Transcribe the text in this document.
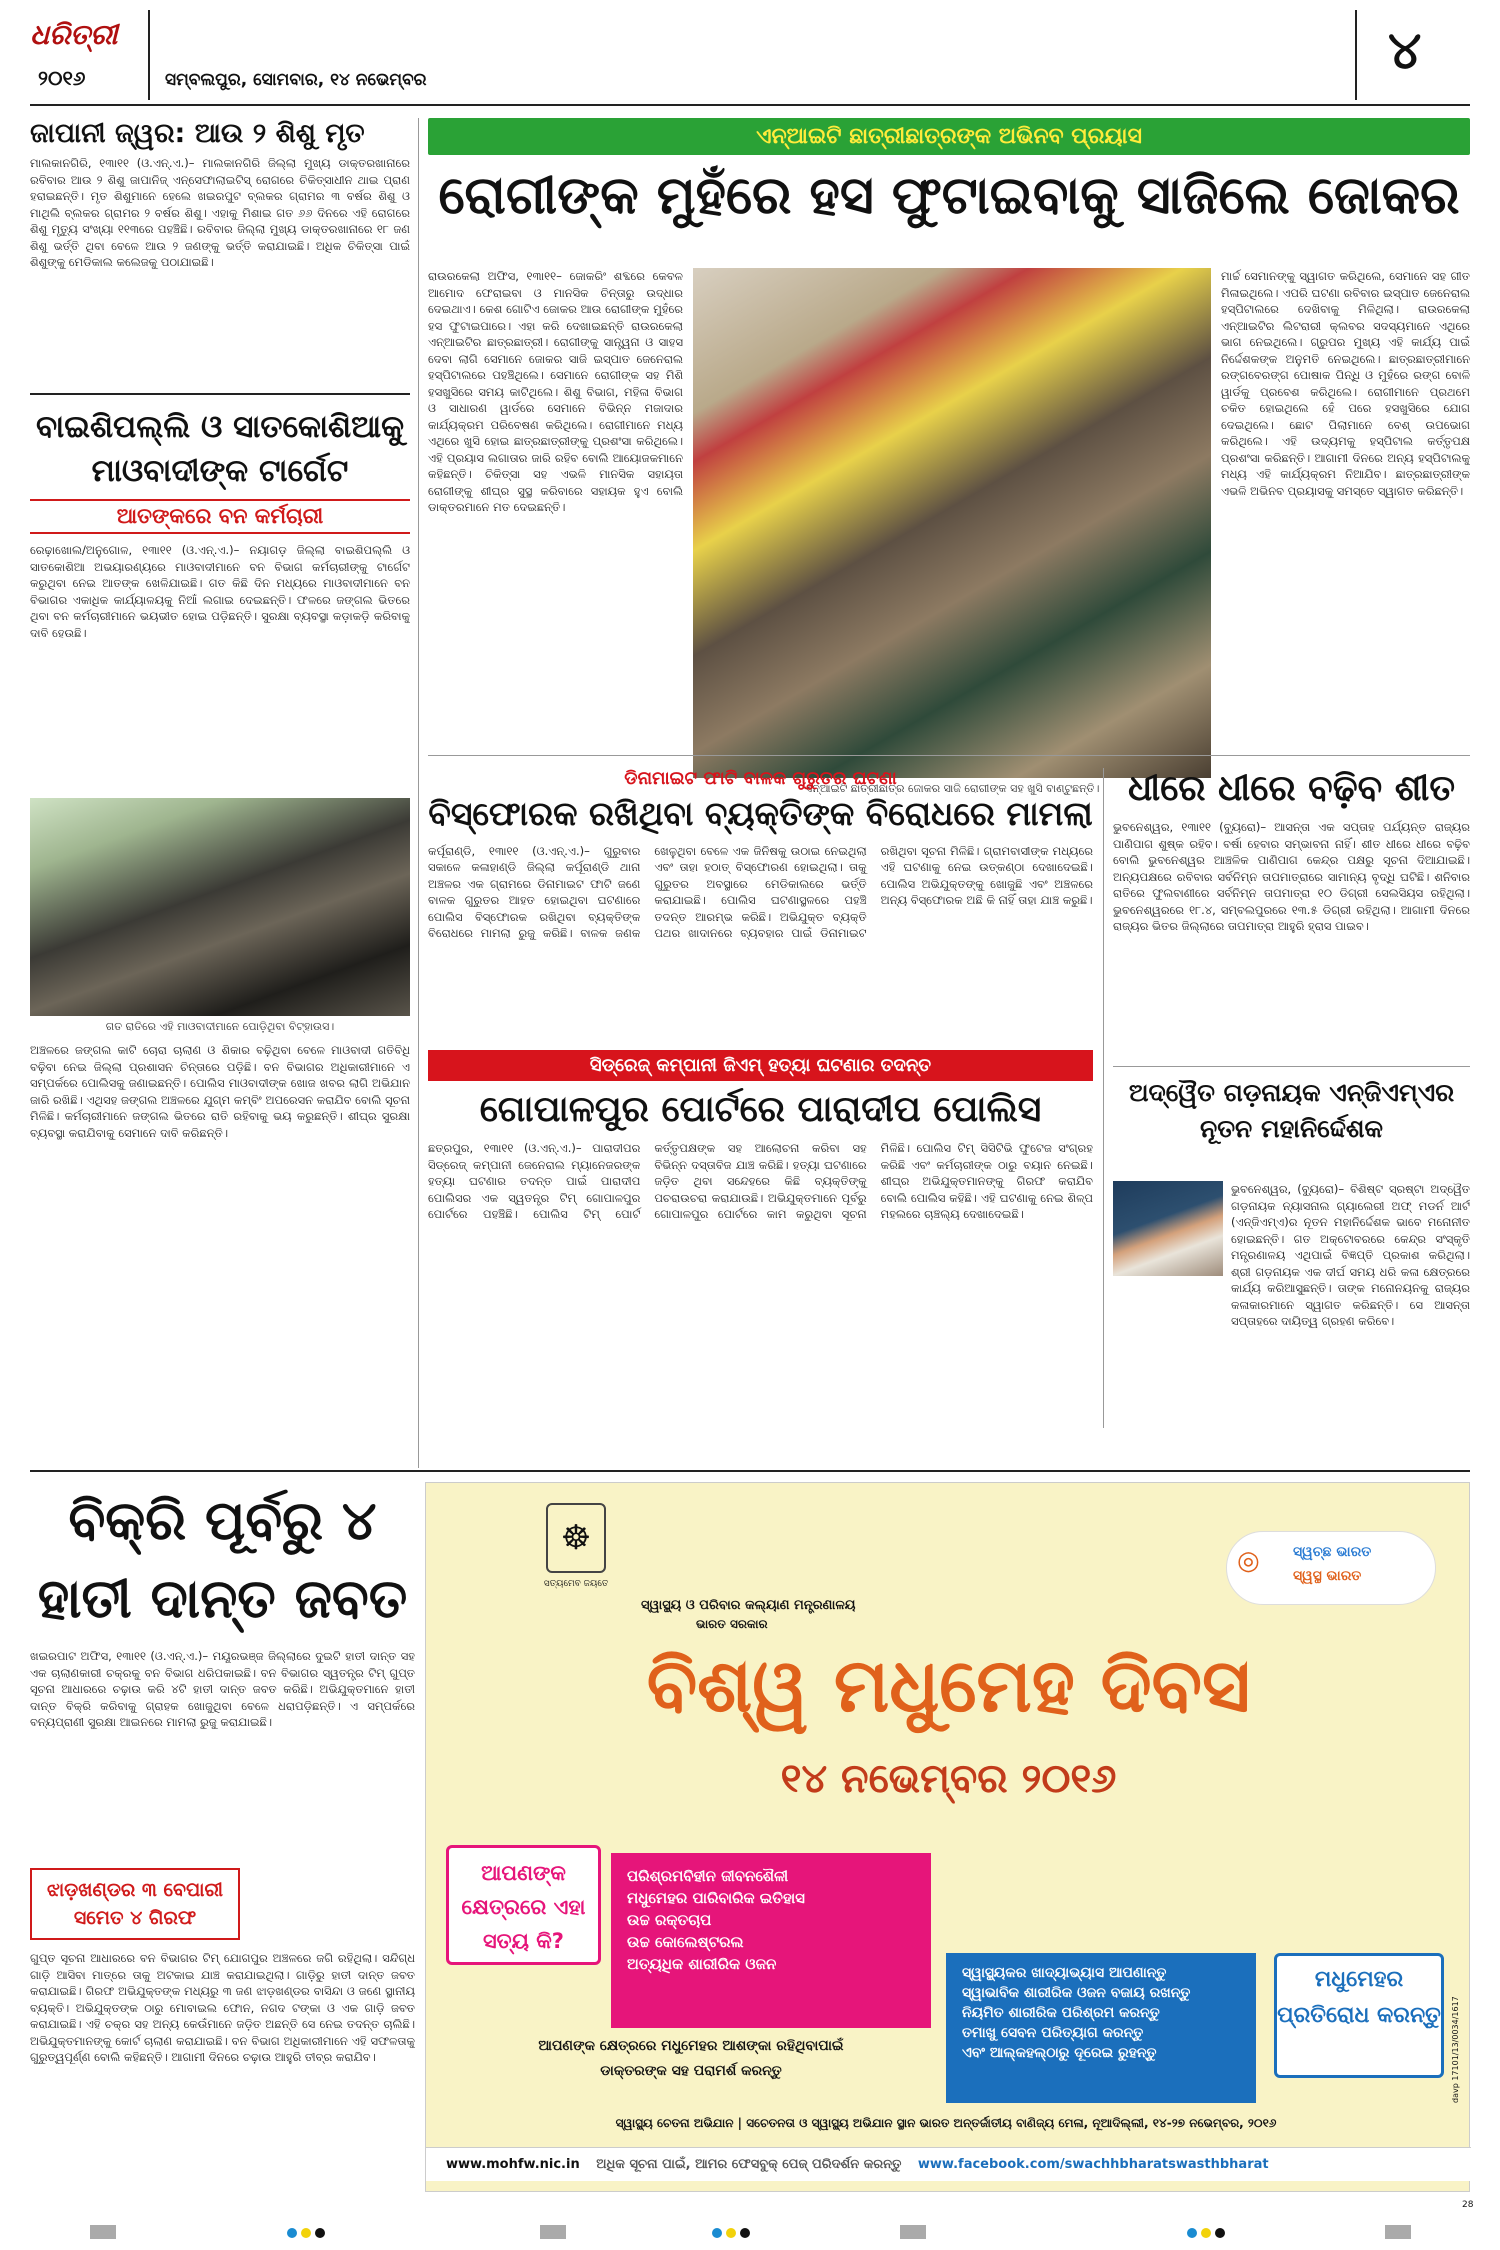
ଧରିତ୍ରୀ
୨୦୧୬	ସମ୍ବଲପୁର, ସୋମବାର, ୧୪ ନଭେମ୍ବର	୪
ଜାପାନୀ ଜ୍ୱର: ଆଉ ୨ ଶିଶୁ ମୃତ
ମାଲକାନଗିରି, ୧୩ା୧୧ (ଓ.ଏନ୍.ଏ.)– ମାଲକାନଗିରି ଜିଲ୍ଲା ମୁଖ୍ୟ ଡାକ୍ତରଖାନାରେ ରବିବାର ଆଉ ୨ ଶିଶୁ ଜାପାନିଜ୍ ଏନ୍‌ସେଫାଲାଇଟିସ୍ ରୋଗରେ ଚିକିତ୍ସାଧୀନ ଥାଇ ପ୍ରାଣ ହରାଇଛନ୍ତି। ମୃତ ଶିଶୁମାନେ ହେଲେ ଖଇରପୁଟ ବ୍ଲକର ଗ୍ରାମର ୩ ବର୍ଷର ଶିଶୁ ଓ ମାଥିଲି ବ୍ଲକର ଗ୍ରାମର ୨ ବର୍ଷର ଶିଶୁ। ଏହାକୁ ମିଶାଇ ଗତ ୬୬ ଦିନରେ ଏହି ରୋଗରେ ଶିଶୁ ମୃତ୍ୟୁ ସଂଖ୍ୟା ୧୧୩ରେ ପହଞ୍ଚିଛି। ରବିବାର ଜିଲ୍ଲା ମୁଖ୍ୟ ଡାକ୍ତରଖାନାରେ ୧୮ ଜଣ ଶିଶୁ ଭର୍ତ୍ତି ଥିବା ବେଳେ ଆଉ ୨ ଜଣଙ୍କୁ ଭର୍ତ୍ତି କରାଯାଇଛି। ଅଧିକ ଚିକିତ୍ସା ପାଇଁ ଶିଶୁଙ୍କୁ ମେଡିକାଲ କଲେଜକୁ ପଠାଯାଇଛି।
ବାଇଶିପଲ୍ଲି ଓ ସାତକୋଶିଆକୁ ମାଓବାଦୀଙ୍କ ଟାର୍ଗେଟ
ଆତଙ୍କରେ ବନ କର୍ମଚାରୀ
ରେଢ଼ାଖୋଲ/ଅନୁଗୋଳ, ୧୩ା୧୧ (ଓ.ଏନ୍.ଏ.)– ନୟାଗଡ଼ ଜିଲ୍ଲା ବାଇଶିପଲ୍ଲି ଓ ସାତକୋଶିଆ ଅଭୟାରଣ୍ୟରେ ମାଓବାଦୀମାନେ ବନ ବିଭାଗ କର୍ମଚାରୀଙ୍କୁ ଟାର୍ଗେଟ କରୁଥିବା ନେଇ ଆତଙ୍କ ଖେଳିଯାଇଛି। ଗତ କିଛି ଦିନ ମଧ୍ୟରେ ମାଓବାଦୀମାନେ ବନ ବିଭାଗର ଏକାଧିକ କାର୍ଯ୍ୟାଳୟକୁ ନିଆଁ ଲଗାଇ ଦେଇଛନ୍ତି। ଫଳରେ ଜଙ୍ଗଲ ଭିତରେ ଥିବା ବନ କର୍ମଚାରୀମାନେ ଭୟଭୀତ ହୋଇ ପଡ଼ିଛନ୍ତି। ସୁରକ୍ଷା ବ୍ୟବସ୍ଥା କଡ଼ାକଡ଼ି କରିବାକୁ ଦାବି ହେଉଛି।
ଗତ ରାତିରେ ଏହି ମାଓବାଦୀମାନେ ପୋଡ଼ିଥିବା ବିଟ୍‌ହାଉସ।
ଅଞ୍ଚଳରେ ଜଙ୍ଗଲ କାଟି ଚୋରା ଚାଲାଣ ଓ ଶିକାର ବଢ଼ିଥିବା ବେଳେ ମାଓବାଦୀ ଗତିବିଧି ବଢ଼ିବା ନେଇ ଜିଲ୍ଲା ପ୍ରଶାସନ ଚିନ୍ତାରେ ପଡ଼ିଛି। ବନ ବିଭାଗର ଅଧିକାରୀମାନେ ଏ ସମ୍ପର୍କରେ ପୋଲିସକୁ ଜଣାଇଛନ୍ତି। ପୋଲିସ ମାଓବାଦୀଙ୍କ ଖୋଜ ଖବର ଲାଗି ଅଭିଯାନ ଜାରି ରଖିଛି। ଏଥିସହ ଜଙ୍ଗଲ ଅଞ୍ଚଳରେ ଯୁଗ୍ମ କମ୍ବିଂ ଅପରେସନ କରାଯିବ ବୋଲି ସୂଚନା ମିଳିଛି। କର୍ମଚାରୀମାନେ ଜଙ୍ଗଲ ଭିତରେ ରାତି ରହିବାକୁ ଭୟ କରୁଛନ୍ତି। ଶୀଘ୍ର ସୁରକ୍ଷା ବ୍ୟବସ୍ଥା କରାଯିବାକୁ ସେମାନେ ଦାବି କରିଛନ୍ତି।
ଏନ୍‌ଆଇଟି ଛାତ୍ରୀଛାତ୍ରଙ୍କ ଅଭିନବ ପ୍ରୟାସ
ରୋଗୀଙ୍କ ମୁହଁରେ ହସ ଫୁଟାଇବାକୁ ସାଜିଲେ ଜୋକର
ରାଉରକେଲା ଅଫିସ, ୧୩ା୧୧– ଜୋକରିଂ ଶବ୍ଦରେ କେବଳ ଆମୋଦ ଫେରାଇବା ଓ ମାନସିକ ଚିନ୍ତାରୁ ଉଦ୍ଧାର ଦେଇଥାଏ। କେଶ ଗୋଟିଏ ଜୋକର ଆଉ ରୋଗୀଙ୍କ ମୁହଁରେ ହସ ଫୁଟାଇପାରେ। ଏହା କରି ଦେଖାଇଛନ୍ତି ରାଉରକେଲା ଏନ୍‌ଆଇଟିର ଛାତ୍ରଛାତ୍ରୀ। ରୋଗୀଙ୍କୁ ସାନ୍ତ୍ୱନା ଓ ସାହସ ଦେବା ଲାଗି ସେମାନେ ଜୋକର ସାଜି ଇସ୍ପାତ ଜେନେରାଲ ହସ୍ପିଟାଲରେ ପହଞ୍ଚିଥିଲେ। ସେମାନେ ରୋଗୀଙ୍କ ସହ ମିଶି ହସଖୁସିରେ ସମୟ କାଟିଥିଲେ। ଶିଶୁ ବିଭାଗ, ମହିଳା ବିଭାଗ ଓ ସାଧାରଣ ୱାର୍ଡରେ ସେମାନେ ବିଭିନ୍ନ ମଜାଦାର କାର୍ଯ୍ୟକ୍ରମ ପରିବେଷଣ କରିଥିଲେ। ରୋଗୀମାନେ ମଧ୍ୟ ଏଥିରେ ଖୁସି ହୋଇ ଛାତ୍ରଛାତ୍ରୀଙ୍କୁ ପ୍ରଶଂସା କରିଥିଲେ। ଏହି ପ୍ରୟାସ ଲଗାତାର ଜାରି ରହିବ ବୋଲି ଆୟୋଜକମାନେ କହିଛନ୍ତି। ଚିକିତ୍ସା ସହ ଏଭଳି ମାନସିକ ସହାୟତା ରୋଗୀଙ୍କୁ ଶୀଘ୍ର ସୁସ୍ଥ କରିବାରେ ସହାୟକ ହୁଏ ବୋଲି ଡାକ୍ତରମାନେ ମତ ଦେଇଛନ୍ତି।
ଏନ୍‌ଆଇଟି ଛାତ୍ରୀଛାତ୍ର ଜୋକର ସାଜି ରୋଗୀଙ୍କ ସହ ଖୁସି ବାଣ୍ଟୁଛନ୍ତି।
ମାର୍ଚ୍ଚ ସେମାନଙ୍କୁ ସ୍ୱାଗତ କରିଥିଲେ, ସେମାନେ ସହ ଗୀତ ମିଳାଇଥିଲେ। ଏପରି ଘଟଣା ରବିବାର ଇସ୍ପାତ ଜେନେରାଲ ହସ୍ପିଟାଲରେ ଦେଖିବାକୁ ମିଳିଥିଲା। ରାଉରକେଲା ଏନ୍‌ଆଇଟିର ଲିଟରାରୀ କ୍ଲବର ସଦସ୍ୟମାନେ ଏଥିରେ ଭାଗ ନେଇଥିଲେ। ଗ୍ରୁପର ମୁଖ୍ୟ ଏହି କାର୍ଯ୍ୟ ପାଇଁ ନିର୍ଦ୍ଦେଶକଙ୍କ ଅନୁମତି ନେଇଥିଲେ। ଛାତ୍ରଛାତ୍ରୀମାନେ ରଙ୍ଗବେରଙ୍ଗ ପୋଷାକ ପିନ୍ଧି ଓ ମୁହଁରେ ରଙ୍ଗ ବୋଳି ୱାର୍ଡକୁ ପ୍ରବେଶ କରିଥିଲେ। ରୋଗୀମାନେ ପ୍ରଥମେ ଚକିତ ହୋଇଥିଲେ ହେଁ ପରେ ହସଖୁସିରେ ଯୋଗ ଦେଇଥିଲେ। ଛୋଟ ପିଲାମାନେ ବେଶ୍ ଉପଭୋଗ କରିଥିଲେ। ଏହି ଉଦ୍ୟମକୁ ହସ୍ପିଟାଲ କର୍ତ୍ତୃପକ୍ଷ ପ୍ରଶଂସା କରିଛନ୍ତି। ଆଗାମୀ ଦିନରେ ଅନ୍ୟ ହସ୍ପିଟାଲକୁ ମଧ୍ୟ ଏହି କାର୍ଯ୍ୟକ୍ରମ ନିଆଯିବ। ଛାତ୍ରଛାତ୍ରୀଙ୍କ ଏଭଳି ଅଭିନବ ପ୍ରୟାସକୁ ସମସ୍ତେ ସ୍ୱାଗତ କରିଛନ୍ତି।
ଡିନାମାଇଟ ଫାଟି ବାଳକ ଗୁରୁତର ଘଟଣା
ବିସ୍ଫୋରକ ରଖିଥିବା ବ୍ୟକ୍ତିଙ୍କ ବିରୋଧରେ ମାମଲା
କର୍ପୂରାଣ୍ଡି, ୧୩ା୧୧ (ଓ.ଏନ୍.ଏ.)– ଗୁରୁବାର ସକାଳେ କଳାହାଣ୍ଡି ଜିଲ୍ଲା କର୍ପୂରାଣ୍ଡି ଥାନା ଅଞ୍ଚଳର ଏକ ଗ୍ରାମରେ ଡିନାମାଇଟ ଫାଟି ଜଣେ ବାଳକ ଗୁରୁତର ଆହତ ହୋଇଥିବା ଘଟଣାରେ ପୋଲିସ ବିସ୍ଫୋରକ ରଖିଥିବା ବ୍ୟକ୍ତିଙ୍କ ବିରୋଧରେ ମାମଲା ରୁଜୁ କରିଛି। ବାଳକ ଜଣକ ଖେଳୁଥିବା ବେଳେ ଏକ ଜିନିଷକୁ ଉଠାଇ ନେଇଥିଲା ଏବଂ ତାହା ହଠାତ୍ ବିସ୍ଫୋରଣ ହୋଇଥିଲା। ତାକୁ ଗୁରୁତର ଅବସ୍ଥାରେ ମେଡିକାଲରେ ଭର୍ତ୍ତି କରାଯାଇଛି। ପୋଲିସ ଘଟଣାସ୍ଥଳରେ ପହଞ୍ଚି ତଦନ୍ତ ଆରମ୍ଭ କରିଛି। ଅଭିଯୁକ୍ତ ବ୍ୟକ୍ତି ପଥର ଖାଦାନରେ ବ୍ୟବହାର ପାଇଁ ଡିନାମାଇଟ ରଖିଥିବା ସୂଚନା ମିଳିଛି। ଗ୍ରାମବାସୀଙ୍କ ମଧ୍ୟରେ ଏହି ଘଟଣାକୁ ନେଇ ଉତ୍କଣ୍ଠା ଦେଖାଦେଇଛି। ପୋଲିସ ଅଭିଯୁକ୍ତଙ୍କୁ ଖୋଜୁଛି ଏବଂ ଅଞ୍ଚଳରେ ଅନ୍ୟ ବିସ୍ଫୋରକ ଅଛି କି ନାହିଁ ତାହା ଯାଞ୍ଚ କରୁଛି।
ଧୀରେ ଧୀରେ ବଢ଼ିବ ଶୀତ
ଭୁବନେଶ୍ୱର, ୧୩ା୧୧ (ବ୍ୟୁରୋ)– ଆସନ୍ତା ଏକ ସପ୍ତାହ ପର୍ଯ୍ୟନ୍ତ ରାଜ୍ୟର ପାଣିପାଗ ଶୁଷ୍କ ରହିବ। ବର୍ଷା ହେବାର ସମ୍ଭାବନା ନାହିଁ। ଶୀତ ଧୀରେ ଧୀରେ ବଢ଼ିବ ବୋଲି ଭୁବନେଶ୍ୱର ଆଞ୍ଚଳିକ ପାଣିପାଗ କେନ୍ଦ୍ର ପକ୍ଷରୁ ସୂଚନା ଦିଆଯାଇଛି। ଅନ୍ୟପକ୍ଷରେ ରବିବାର ସର୍ବନିମ୍ନ ତାପମାତ୍ରାରେ ସାମାନ୍ୟ ବୃଦ୍ଧି ଘଟିଛି। ଶନିବାର ରାତିରେ ଫୁଲବାଣୀରେ ସର୍ବନିମ୍ନ ତାପମାତ୍ରା ୧୦ ଡିଗ୍ରୀ ସେଲସିୟସ ରହିଥିଲା। ଭୁବନେଶ୍ୱରରେ ୧୮.୪, ସମ୍ବଲପୁରରେ ୧୩.୫ ଡିଗ୍ରୀ ରହିଥିଲା। ଆଗାମୀ ଦିନରେ ରାଜ୍ୟର ଭିତର ଜିଲ୍ଲାରେ ତାପମାତ୍ରା ଆହୁରି ହ୍ରାସ ପାଇବ।
ସିଡ୍ରେଜ୍ କମ୍ପାନୀ ଜିଏମ୍ ହତ୍ୟା ଘଟଣାର ତଦନ୍ତ
ଗୋପାଳପୁର ପୋର୍ଟରେ ପାରାଦୀପ ପୋଲିସ
ଛତ୍ରପୁର, ୧୩ା୧୧ (ଓ.ଏନ୍.ଏ.)– ପାରାଦୀପର ସିଡ୍ରେଜ୍ କମ୍ପାନୀ ଜେନେରାଲ ମ୍ୟାନେଜରଙ୍କ ହତ୍ୟା ଘଟଣାର ତଦନ୍ତ ପାଇଁ ପାରାଦୀପ ପୋଲିସର ଏକ ସ୍ୱତନ୍ତ୍ର ଟିମ୍ ଗୋପାଳପୁର ପୋର୍ଟରେ ପହଞ୍ଚିଛି। ପୋଲିସ ଟିମ୍ ପୋର୍ଟ କର୍ତ୍ତୃପକ୍ଷଙ୍କ ସହ ଆଲୋଚନା କରିବା ସହ ବିଭିନ୍ନ ଦସ୍ତାବିଜ ଯାଞ୍ଚ କରିଛି। ହତ୍ୟା ଘଟଣାରେ ଜଡ଼ିତ ଥିବା ସନ୍ଦେହରେ କିଛି ବ୍ୟକ୍ତିଙ୍କୁ ପଚରାଉଚରା କରାଯାଉଛି। ଅଭିଯୁକ୍ତମାନେ ପୂର୍ବରୁ ଗୋପାଳପୁର ପୋର୍ଟରେ କାମ କରୁଥିବା ସୂଚନା ମିଳିଛି। ପୋଲିସ ଟିମ୍ ସିସିଟିଭି ଫୁଟେଜ ସଂଗ୍ରହ କରିଛି ଏବଂ କର୍ମଚାରୀଙ୍କ ଠାରୁ ବୟାନ ନେଇଛି। ଶୀଘ୍ର ଅଭିଯୁକ୍ତମାନଙ୍କୁ ଗିରଫ କରାଯିବ ବୋଲି ପୋଲିସ କହିଛି। ଏହି ଘଟଣାକୁ ନେଇ ଶିଳ୍ପ ମହଲରେ ଚାଞ୍ଚଲ୍ୟ ଦେଖାଦେଇଛି।
ଅଦ୍ୱୈତ ଗଡ଼ନାୟକ ଏନ୍‌ଜିଏମ୍‌ଏର ନୂତନ ମହାନିର୍ଦ୍ଦେଶକ
ଭୁବନେଶ୍ୱର, (ବ୍ୟୁରୋ)– ବିଶିଷ୍ଟ ସ୍ରଷ୍ଟା ଅଦ୍ୱୈତ ଗଡ଼ନାୟକ ନ୍ୟାସନାଲ ଗ୍ୟାଲେରୀ ଅଫ୍ ମଡର୍ନ ଆର୍ଟ (ଏନ୍‌ଜିଏମ୍‌ଏ)ର ନୂତନ ମହାନିର୍ଦ୍ଦେଶକ ଭାବେ ମନୋନୀତ ହୋଇଛନ୍ତି। ଗତ ଅକ୍ଟୋବରରେ କେନ୍ଦ୍ର ସଂସ୍କୃତି ମନ୍ତ୍ରଣାଳୟ ଏଥିପାଇଁ ବିଜ୍ଞପ୍ତି ପ୍ରକାଶ କରିଥିଲା। ଶ୍ରୀ ଗଡ଼ନାୟକ ଏକ ଦୀର୍ଘ ସମୟ ଧରି କଳା କ୍ଷେତ୍ରରେ କାର୍ଯ୍ୟ କରିଆସୁଛନ୍ତି। ତାଙ୍କ ମନୋନୟନକୁ ରାଜ୍ୟର କଳାକାରମାନେ ସ୍ୱାଗତ କରିଛନ୍ତି। ସେ ଆସନ୍ତା ସପ୍ତାହରେ ଦାୟିତ୍ୱ ଗ୍ରହଣ କରିବେ।
ବିକ୍ରି ପୂର୍ବରୁ ୪ ହାତୀ ଦାନ୍ତ ଜବତ
ଖଇରପାଟ ଅଫିସ, ୧୩ା୧୧ (ଓ.ଏନ୍.ଏ.)– ମୟୂରଭଞ୍ଜ ଜିଲ୍ଲାରେ ଦୁଇଟି ହାତୀ ଦାନ୍ତ ସହ ଏକ ଚାଲାଣକାରୀ ଚକ୍ରକୁ ବନ ବିଭାଗ ଧରିପକାଇଛି। ବନ ବିଭାଗର ସ୍ୱତନ୍ତ୍ର ଟିମ୍ ଗୁପ୍ତ ସୂଚନା ଆଧାରରେ ଚଢ଼ାଉ କରି ୪ଟି ହାତୀ ଦାନ୍ତ ଜବତ କରିଛି। ଅଭିଯୁକ୍ତମାନେ ହାତୀ ଦାନ୍ତ ବିକ୍ରି କରିବାକୁ ଗ୍ରାହକ ଖୋଜୁଥିବା ବେଳେ ଧରାପଡ଼ିଛନ୍ତି। ଏ ସମ୍ପର୍କରେ ବନ୍ୟପ୍ରାଣୀ ସୁରକ୍ଷା ଆଇନରେ ମାମଲା ରୁଜୁ କରାଯାଇଛି।
ଝାଡ଼ଖଣ୍ଡର ୩ ବେପାରୀ ସମେତ ୪ ଗିରଫ
ଗୁପ୍ତ ସୂଚନା ଆଧାରରେ ବନ ବିଭାଗର ଟିମ୍ ଯୋଗପୁର ଅଞ୍ଚଳରେ ଜଗି ରହିଥିଲା। ସନ୍ଦିଗ୍ଧ ଗାଡ଼ି ଆସିବା ମାତ୍ରେ ତାକୁ ଅଟକାଇ ଯାଞ୍ଚ କରାଯାଇଥିଲା। ଗାଡ଼ିରୁ ହାତୀ ଦାନ୍ତ ଜବତ କରାଯାଇଛି। ଗିରଫ ଅଭିଯୁକ୍ତଙ୍କ ମଧ୍ୟରୁ ୩ ଜଣ ଝାଡ଼ଖଣ୍ଡର ବାସିନ୍ଦା ଓ ଜଣେ ସ୍ଥାନୀୟ ବ୍ୟକ୍ତି। ଅଭିଯୁକ୍ତଙ୍କ ଠାରୁ ମୋବାଇଲ ଫୋନ, ନଗଦ ଟଙ୍କା ଓ ଏକ ଗାଡ଼ି ଜବତ କରାଯାଇଛି। ଏହି ଚକ୍ର ସହ ଅନ୍ୟ କେଉଁମାନେ ଜଡ଼ିତ ଅଛନ୍ତି ସେ ନେଇ ତଦନ୍ତ ଚାଲିଛି। ଅଭିଯୁକ୍ତମାନଙ୍କୁ କୋର୍ଟ ଚାଲାଣ କରାଯାଇଛି। ବନ ବିଭାଗ ଅଧିକାରୀମାନେ ଏହି ସଫଳତାକୁ ଗୁରୁତ୍ୱପୂର୍ଣ୍ଣ ବୋଲି କହିଛନ୍ତି। ଆଗାମୀ ଦିନରେ ଚଢ଼ାଉ ଆହୁରି ତୀବ୍ର କରାଯିବ।
☸
ସତ୍ୟମେବ ଜୟତେ
ସ୍ୱାସ୍ଥ୍ୟ ଓ ପରିବାର କଲ୍ୟାଣ ମନ୍ତ୍ରଣାଳୟ
ଭାରତ ସରକାର
◎ ସ୍ୱଚ୍ଛ ଭାରତ
ସ୍ୱସ୍ଥ ଭାରତ
ବିଶ୍ୱ ମଧୁମେହ ଦିବସ
୧୪ ନଭେମ୍ବର ୨୦୧୬
ଆପଣଙ୍କ କ୍ଷେତ୍ରରେ ଏହା ସତ୍ୟ କି?
ପରିଶ୍ରମବିହୀନ ଜୀବନଶୈଳୀ
ମଧୁମେହର ପାରିବାରିକ ଇତିହାସ
ଉଚ୍ଚ ରକ୍ତଚାପ
ଉଚ୍ଚ କୋଲେଷ୍ଟରଲ
ଅତ୍ୟଧିକ ଶାରୀରିକ ଓଜନ	ସ୍ୱାସ୍ଥ୍ୟକର ଖାଦ୍ୟାଭ୍ୟାସ ଆପଣାନ୍ତୁ
ସ୍ୱାଭାବିକ ଶାରୀରିକ ଓଜନ ବଜାୟ ରଖନ୍ତୁ
ନିୟମିତ ଶାରୀରିକ ପରିଶ୍ରମ କରନ୍ତୁ
ତମାଖୁ ସେବନ ପରିତ୍ୟାଗ କରନ୍ତୁ
ଏବଂ ଆଲ୍‌କହଲ୍‌ଠାରୁ ଦୂରେଇ ରୁହନ୍ତୁ
ମଧୁମେହର ପ୍ରତିରୋଧ କରନ୍ତୁ
ଆପଣଙ୍କ କ୍ଷେତ୍ରରେ ମଧୁମେହର ଆଶଙ୍କା ରହିଥିବାପାଇଁ
ଡାକ୍ତରଙ୍କ ସହ ପରାମର୍ଶ କରନ୍ତୁ	davp 17101/13/0034/1617
ସ୍ୱାସ୍ଥ୍ୟ ଚେତନା ଅଭିଯାନ | ସଚେତନତା ଓ ସ୍ୱାସ୍ଥ୍ୟ ଅଭିଯାନ ସ୍ଥାନ ଭାରତ ଅନ୍ତର୍ଜାତୀୟ ବାଣିଜ୍ୟ ମେଳା, ନୂଆଦିଲ୍ଲୀ, ୧୪-୨୭ ନଭେମ୍ବର, ୨୦୧୬
www.mohfw.nic.in ଅଧିକ ସୂଚନା ପାଇଁ, ଆମର ଫେସବୁକ୍ ପେଜ୍ ପରିଦର୍ଶନ କରନ୍ତୁ www.facebook.com/swachhbharatswasthbharat
28
